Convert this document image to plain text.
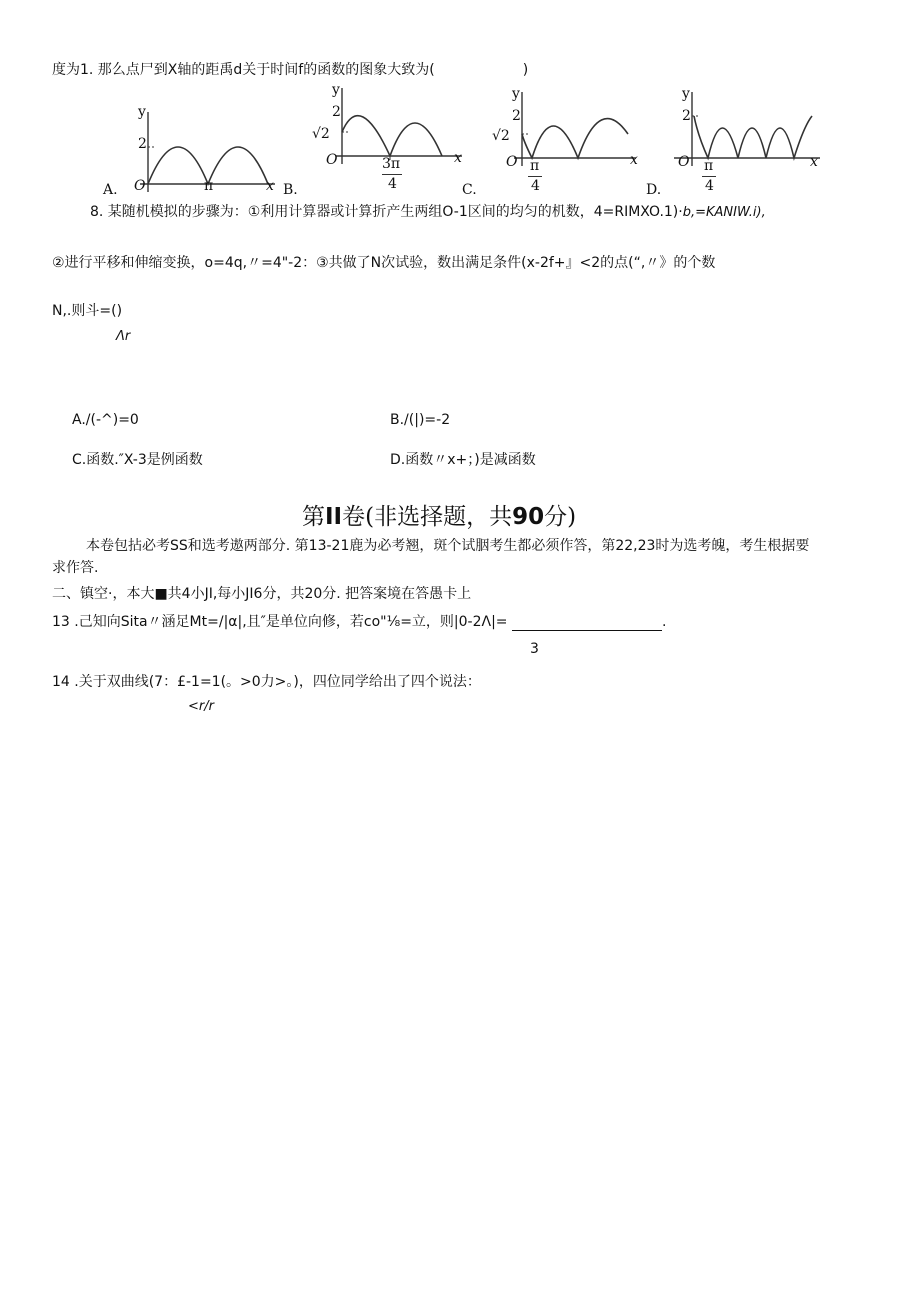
度为1. 那么点尸到X轴的距禹d关于时间f的函数的图象大致为(	)
y
2
O	π	x
A.
y
2
√2
O	3π
4
x
B.
y
2
√2
O π
4
x
C.
y
2
O π
4
x
D.
8. 某随机模拟的步骤为：①利用计算器或计算折产生两组O-1区间的均匀的机数，4=RIMXO.1)·b,=KANIW.i),
②进行平移和伸缩变换，o=4q,〃=4"-2：③共做了N次试验，数出满足条件(x-2f+』<2的点(“,〃》的个数
N,.则斗=()
Λr
A./(-^)=0	B./(|)=-2
C.函数.″X-3是例函数	D.函数〃x+；)是减函数
第II卷(非选择题，共90分)
本卷包拈必考SS和选考遨两部分. 第13-21鹿为必考翘，斑个试胭考生都必须作答，第22,23时为选考魄，考生根据要
求作答.
二、镇空·，本大■共4小JI,每小JI6分，共20分. 把答案境在答愚卡上
13 .己知向Sita〃涵足Mt=/|α|,且″是单位向修，若co"⅛=立，则|0-2Λ|=	.
3
14 .关于双曲线(7：£-1=1(。>0力>。)，四位同学给出了四个说法：
<r/r
